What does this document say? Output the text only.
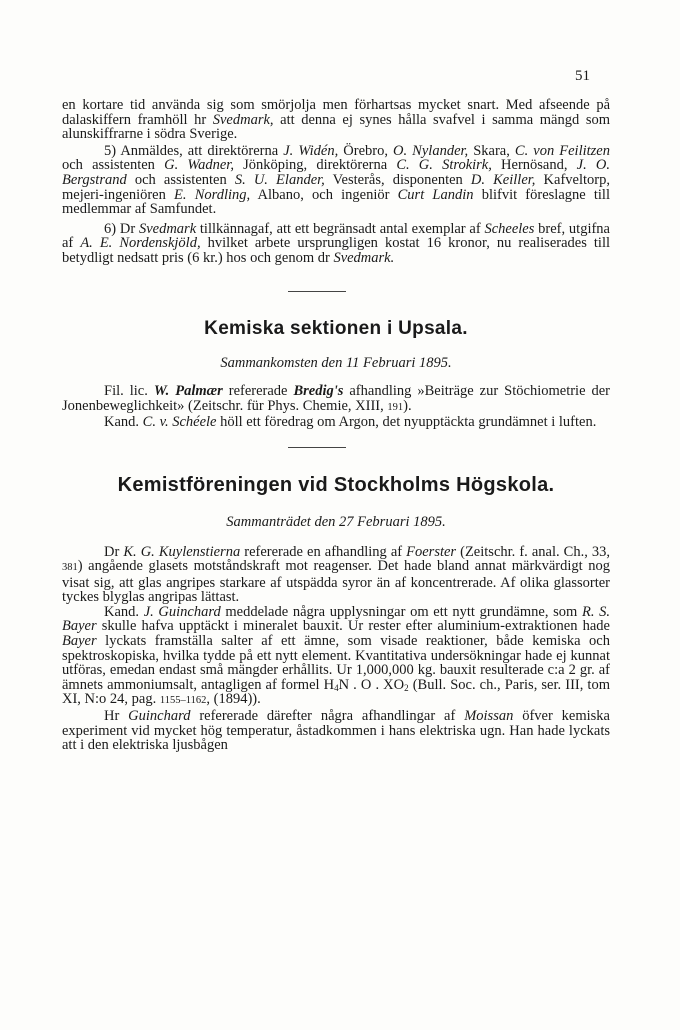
51

en kortare tid använda sig som smörjolja men förhartsas mycket snart. Med afseende på dalaskiffern framhöll hr Svedmark, att denna ej synes hålla svafvel i samma mängd som alunskiffrarne i södra Sverige.

5) Anmäldes, att direktörerna J. Widén, Örebro, O. Nylander, Skara, C. von Feilitzen och assistenten G. Wadner, Jönköping, direktörerna C. G. Strokirk, Hernösand, J. O. Bergstrand och assistenten S. U. Elander, Vesterås, disponenten D. Keiller, Kafveltorp, mejeri-ingeniören E. Nordling, Albano, och ingeniör Curt Landin blifvit föreslagne till medlemmar af Samfundet.

6) Dr Svedmark tillkännagaf, att ett begränsadt antal exemplar af Scheeles bref, utgifna af A. E. Nordenskjöld, hvilket arbete ursprungligen kostat 16 kronor, nu realiserades till betydligt nedsatt pris (6 kr.) hos och genom dr Svedmark.

Kemiska sektionen i Upsala.

Sammankomsten den 11 Februari 1895.

Fil. lic. W. Palmær refererade Bredig's afhandling »Beiträge zur Stöchiometrie der Jonenbeweglichkeit» (Zeitschr. für Phys. Chemie, XIII, 191).

Kand. C. v. Schéele höll ett föredrag om Argon, det nyupptäckta grundämnet i luften.

Kemistföreningen vid Stockholms Högskola.

Sammanträdet den 27 Februari 1895.

Dr K. G. Kuylenstierna refererade en afhandling af Foerster (Zeitschr. f. anal. Ch., 33, 381) angående glasets motståndskraft mot reagenser. Det hade bland annat märkvärdigt nog visat sig, att glas angripes starkare af utspädda syror än af koncentrerade. Af olika glassorter tyckes blyglas angripas lättast.

Kand. J. Guinchard meddelade några upplysningar om ett nytt grundämne, som R. S. Bayer skulle hafva upptäckt i mineralet bauxit. Ur rester efter aluminium-extraktionen hade Bayer lyckats framställa salter af ett ämne, som visade reaktioner, både kemiska och spektroskopiska, hvilka tydde på ett nytt element. Kvantitativa undersökningar hade ej kunnat utföras, emedan endast små mängder erhållits. Ur 1,000,000 kg. bauxit resulterade c:a 2 gr. af ämnets ammoniumsalt, antagligen af formel $H_4N$ . O . $XO_2$ (Bull. Soc. ch., Paris, ser. III, tom XI, N:o 24, pag. 1155–1162, (1894)).

Hr Guinchard refererade därefter några afhandlingar af Moissan öfver kemiska experiment vid mycket hög temperatur, åstadkommen i hans elektriska ugn. Han hade lyckats att i den elektriska ljusbågen
